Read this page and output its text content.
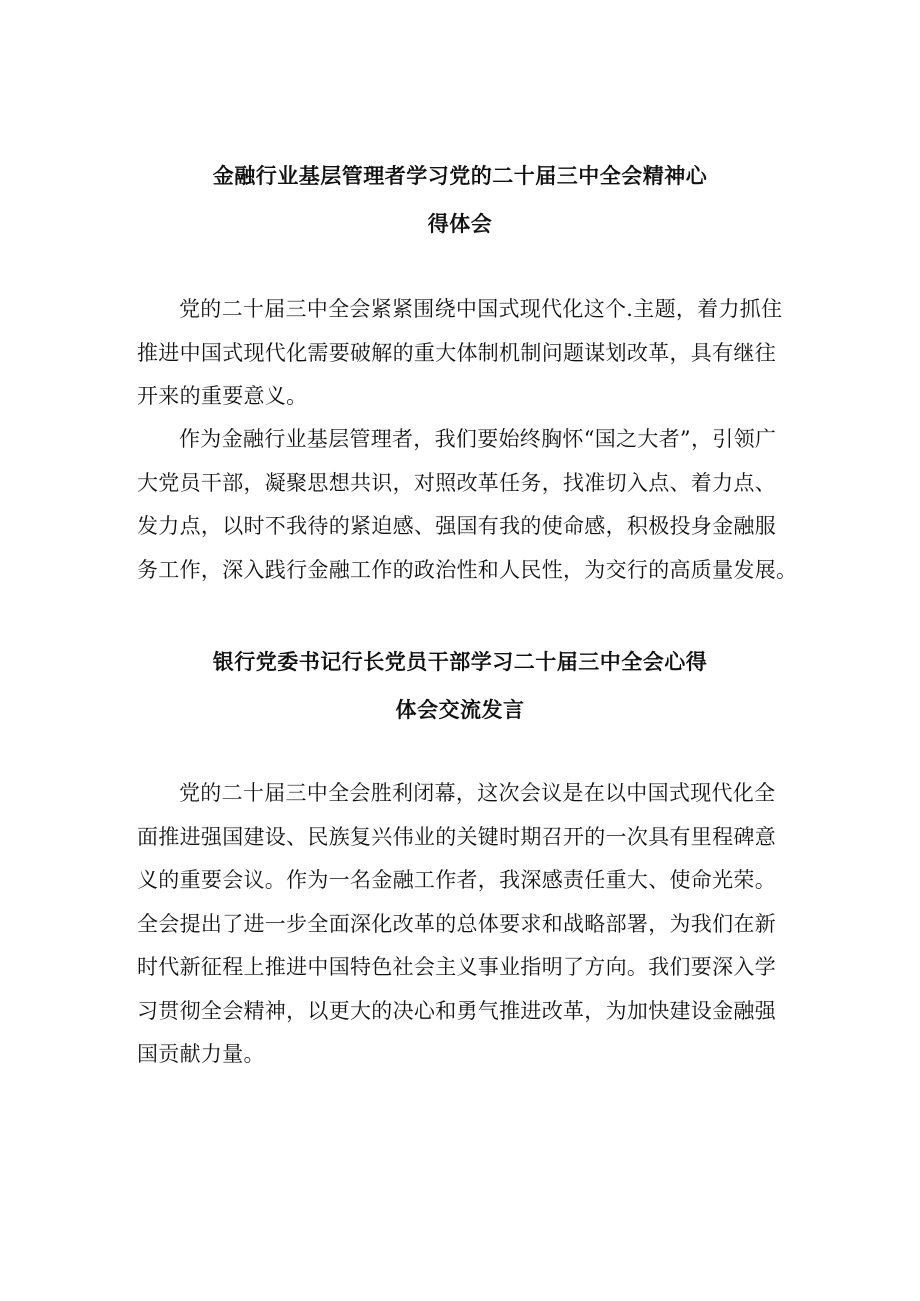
金融行业基层管理者学习党的二十届三中全会精神心
得体会

党的二十届三中全会紧紧围绕中国式现代化这个.主题，着力抓住
推进中国式现代化需要破解的重大体制机制问题谋划改革，具有继往
开来的重要意义。

作为金融行业基层管理者，我们要始终胸怀“国之大者”，引领广
大党员干部，凝聚思想共识，对照改革任务，找准切入点、着力点、
发力点，以时不我待的紧迫感、强国有我的使命感，积极投身金融服
务工作，深入践行金融工作的政治性和人民性，为交行的高质量发展。

银行党委书记行长党员干部学习二十届三中全会心得
体会交流发言

党的二十届三中全会胜利闭幕，这次会议是在以中国式现代化全
面推进强国建设、民族复兴伟业的关键时期召开的一次具有里程碑意
义的重要会议。作为一名金融工作者，我深感责任重大、使命光荣。
全会提出了进一步全面深化改革的总体要求和战略部署，为我们在新
时代新征程上推进中国特色社会主义事业指明了方向。我们要深入学
习贯彻全会精神，以更大的决心和勇气推进改革，为加快建设金融强
国贡献力量。
